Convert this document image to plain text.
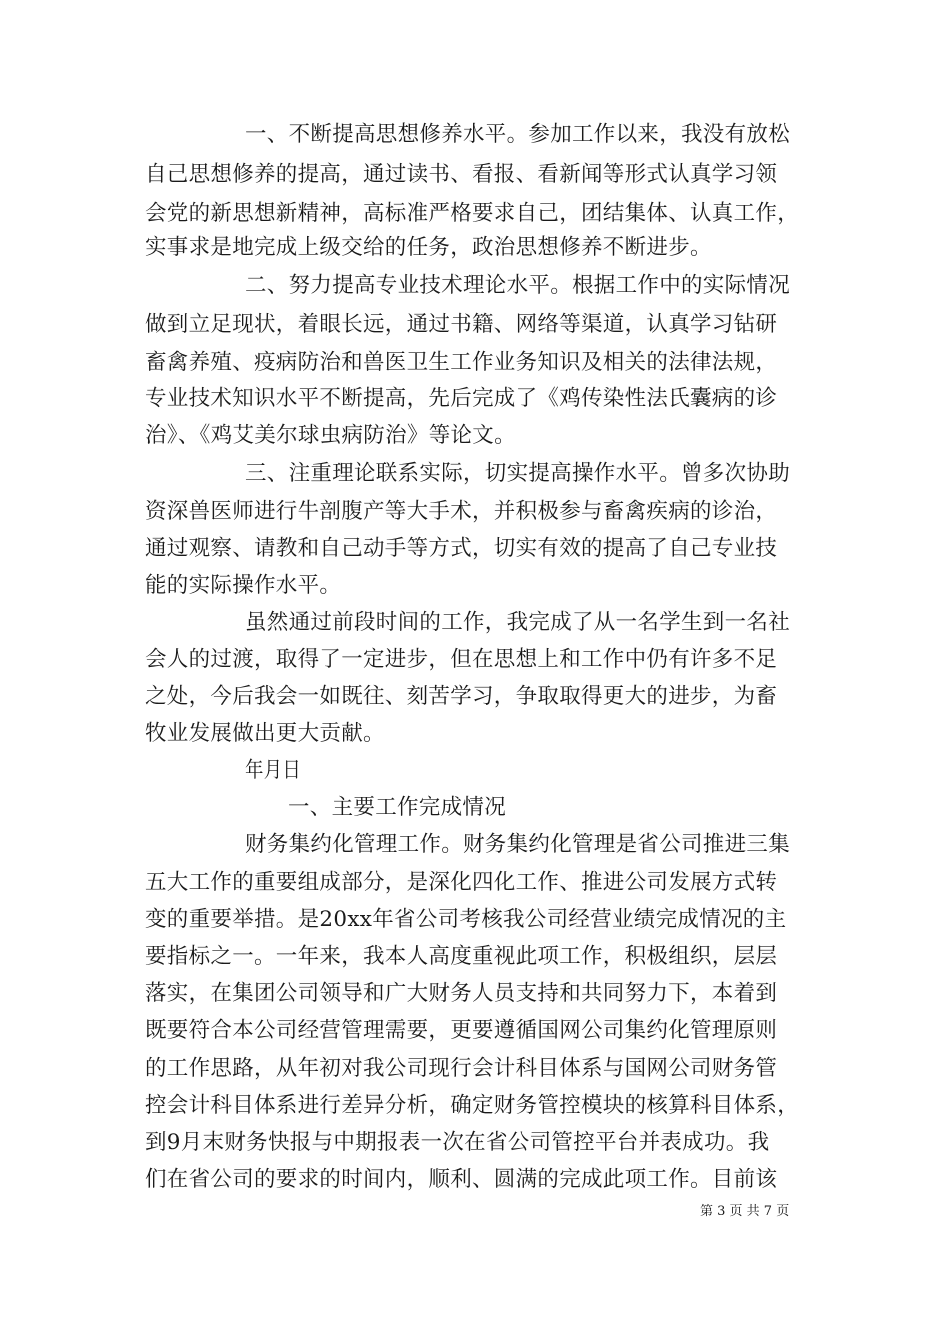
一、不断提高思想修养水平。参加工作以来，我没有放松
自己思想修养的提高，通过读书、看报、看新闻等形式认真学习领
会党的新思想新精神，高标准严格要求自己，团结集体、认真工作，
实事求是地完成上级交给的任务，政治思想修养不断进步。
二、努力提高专业技术理论水平。根据工作中的实际情况
做到立足现状，着眼长远，通过书籍、网络等渠道，认真学习钻研
畜禽养殖、疫病防治和兽医卫生工作业务知识及相关的法律法规，
专业技术知识水平不断提高，先后完成了《鸡传染性法氏囊病的诊
治》、《鸡艾美尔球虫病防治》等论文。
三、注重理论联系实际，切实提高操作水平。曾多次协助
资深兽医师进行牛剖腹产等大手术，并积极参与畜禽疾病的诊治，
通过观察、请教和自己动手等方式，切实有效的提高了自己专业技
能的实际操作水平。
虽然通过前段时间的工作，我完成了从一名学生到一名社
会人的过渡，取得了一定进步，但在思想上和工作中仍有许多不足
之处，今后我会一如既往、刻苦学习，争取取得更大的进步，为畜
牧业发展做出更大贡献。
年月日
一、主要工作完成情况
财务集约化管理工作。财务集约化管理是省公司推进三集
五大工作的重要组成部分，是深化四化工作、推进公司发展方式转
变的重要举措。是20xx年省公司考核我公司经营业绩完成情况的主
要指标之一。一年来，我本人高度重视此项工作，积极组织，层层
落实，在集团公司领导和广大财务人员支持和共同努力下，本着到
既要符合本公司经营管理需要，更要遵循国网公司集约化管理原则
的工作思路，从年初对我公司现行会计科目体系与国网公司财务管
控会计科目体系进行差异分析，确定财务管控模块的核算科目体系，
到9月末财务快报与中期报表一次在省公司管控平台并表成功。我
们在省公司的要求的时间内，顺利、圆满的完成此项工作。目前该
第 3 页 共 7 页
